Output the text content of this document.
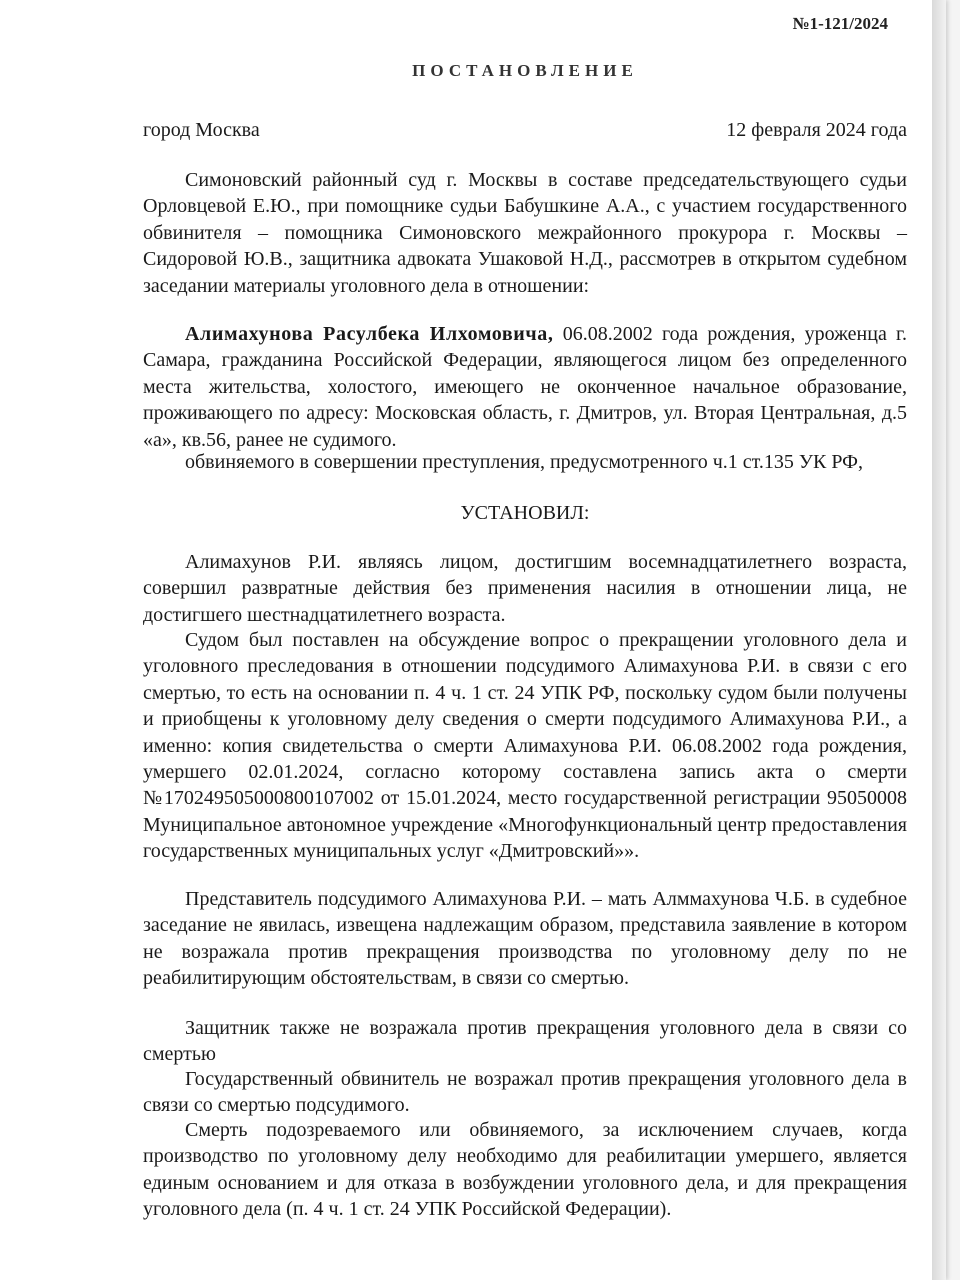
№1-121/2024
ПОСТАНОВЛЕНИЕ
город Москва	12 февраля 2024 года
Симоновский районный суд г. Москвы в составе председательствующего судьи Орловцевой Е.Ю., при помощнике судьи Бабушкине А.А., с участием государственного обвинителя – помощника Симоновского межрайонного прокурора г. Москвы – Сидоровой Ю.В., защитника адвоката Ушаковой Н.Д., рассмотрев в открытом судебном заседании материалы уголовного дела в отношении:
Алимахунова Расулбека Илхомовича, 06.08.2002 года рождения, уроженца г. Самара, гражданина Российской Федерации, являющегося лицом без определенного места жительства, холостого, имеющего не оконченное начальное образование, проживающего по адресу: Московская область, г. Дмитров, ул. Вторая Центральная, д.5 «а», кв.56, ранее не судимого.
обвиняемого в совершении преступления, предусмотренного ч.1 ст.135 УК РФ,
УСТАНОВИЛ:
Алимахунов Р.И. являясь лицом, достигшим восемнадцатилетнего возраста, совершил развратные действия без применения насилия в отношении лица, не достигшего шестнадцатилетнего возраста.
Судом был поставлен на обсуждение вопрос о прекращении уголовного дела и уголовного преследования в отношении подсудимого Алимахунова Р.И. в связи с его смертью, то есть на основании п. 4 ч. 1 ст. 24 УПК РФ, поскольку судом были получены и приобщены к уголовному делу сведения о смерти подсудимого Алимахунова Р.И., а именно: копия свидетельства о смерти Алимахунова Р.И. 06.08.2002 года рождения, умершего 02.01.2024, согласно которому составлена запись акта о смерти №170249505000800107002 от 15.01.2024, место государственной регистрации 95050008 Муниципальное автономное учреждение «Многофункциональный центр предоставления государственных муниципальных услуг «Дмитровский»».
Представитель подсудимого Алимахунова Р.И. – мать Алммахунова Ч.Б. в судебное заседание не явилась, извещена надлежащим образом, представила заявление в котором не возражала против прекращения производства по уголовному делу по не реабилитирующим обстоятельствам, в связи со смертью.
Защитник также не возражала против прекращения уголовного дела в связи со смертью
Государственный обвинитель не возражал против прекращения уголовного дела в связи со смертью подсудимого.
Смерть подозреваемого или обвиняемого, за исключением случаев, когда производство по уголовному делу необходимо для реабилитации умершего, является единым основанием и для отказа в возбуждении уголовного дела, и для прекращения уголовного дела (п. 4 ч. 1 ст. 24 УПК Российской Федерации).
